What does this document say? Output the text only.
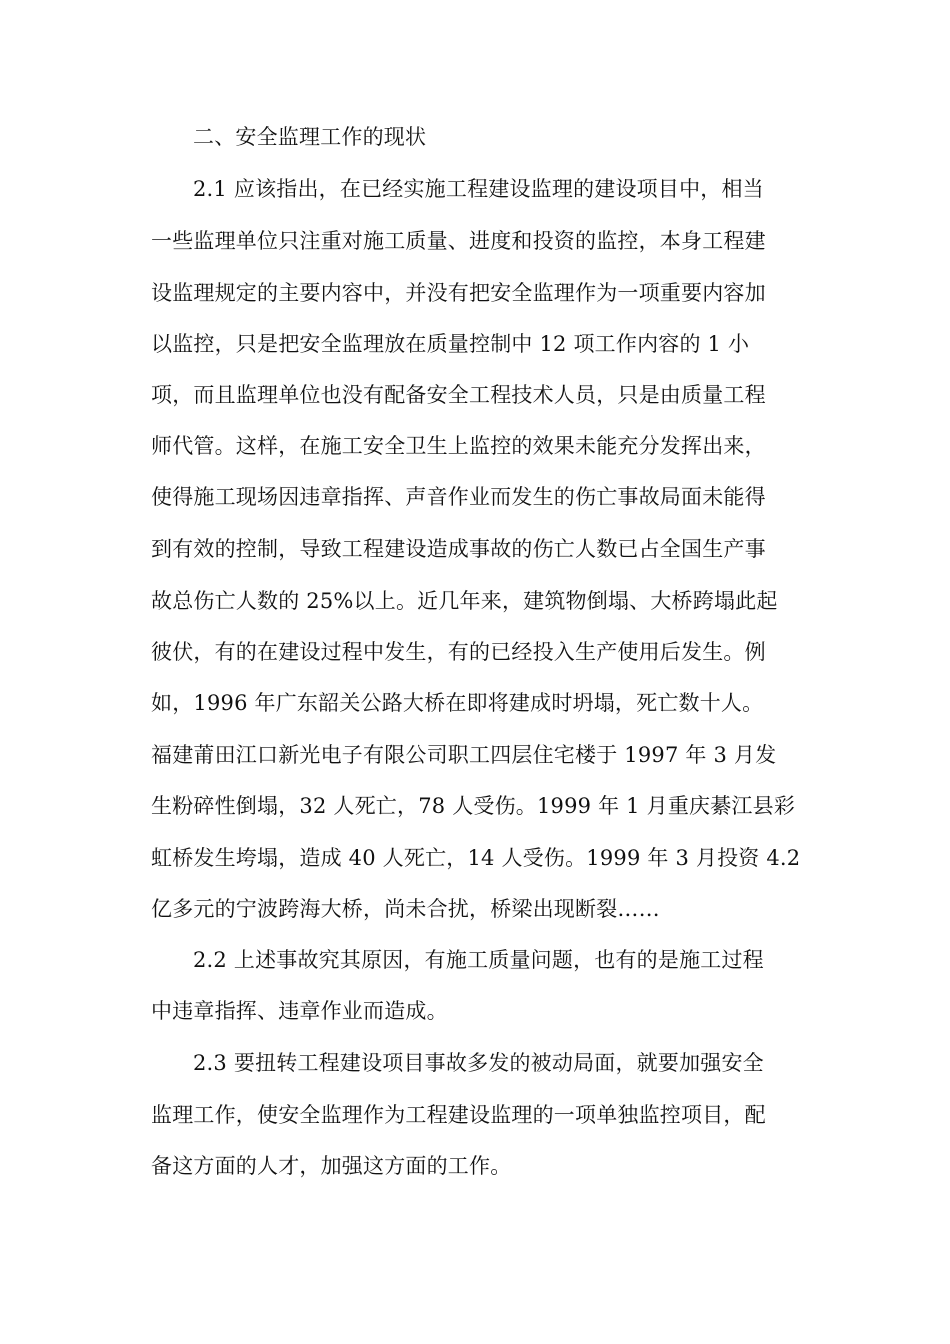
二、安全监理工作的现状
2.1 应该指出，在已经实施工程建设监理的建设项目中，相当
一些监理单位只注重对施工质量、进度和投资的监控，本身工程建
设监理规定的主要内容中，并没有把安全监理作为一项重要内容加
以监控，只是把安全监理放在质量控制中 12 项工作内容的 1 小
项，而且监理单位也没有配备安全工程技术人员，只是由质量工程
师代管。这样，在施工安全卫生上监控的效果未能充分发挥出来，
使得施工现场因违章指挥、声音作业而发生的伤亡事故局面未能得
到有效的控制，导致工程建设造成事故的伤亡人数已占全国生产事
故总伤亡人数的 25%以上。近几年来，建筑物倒塌、大桥跨塌此起
彼伏，有的在建设过程中发生，有的已经投入生产使用后发生。例
如，1996 年广东韶关公路大桥在即将建成时坍塌，死亡数十人。
福建莆田江口新光电子有限公司职工四层住宅楼于 1997 年 3 月发
生粉碎性倒塌，32 人死亡，78 人受伤。1999 年 1 月重庆綦江县彩
虹桥发生垮塌，造成 40 人死亡，14 人受伤。1999 年 3 月投资 4.2
亿多元的宁波跨海大桥，尚未合扰，桥梁出现断裂……
2.2 上述事故究其原因，有施工质量问题，也有的是施工过程
中违章指挥、违章作业而造成。
2.3 要扭转工程建设项目事故多发的被动局面，就要加强安全
监理工作，使安全监理作为工程建设监理的一项单独监控项目，配
备这方面的人才，加强这方面的工作。
